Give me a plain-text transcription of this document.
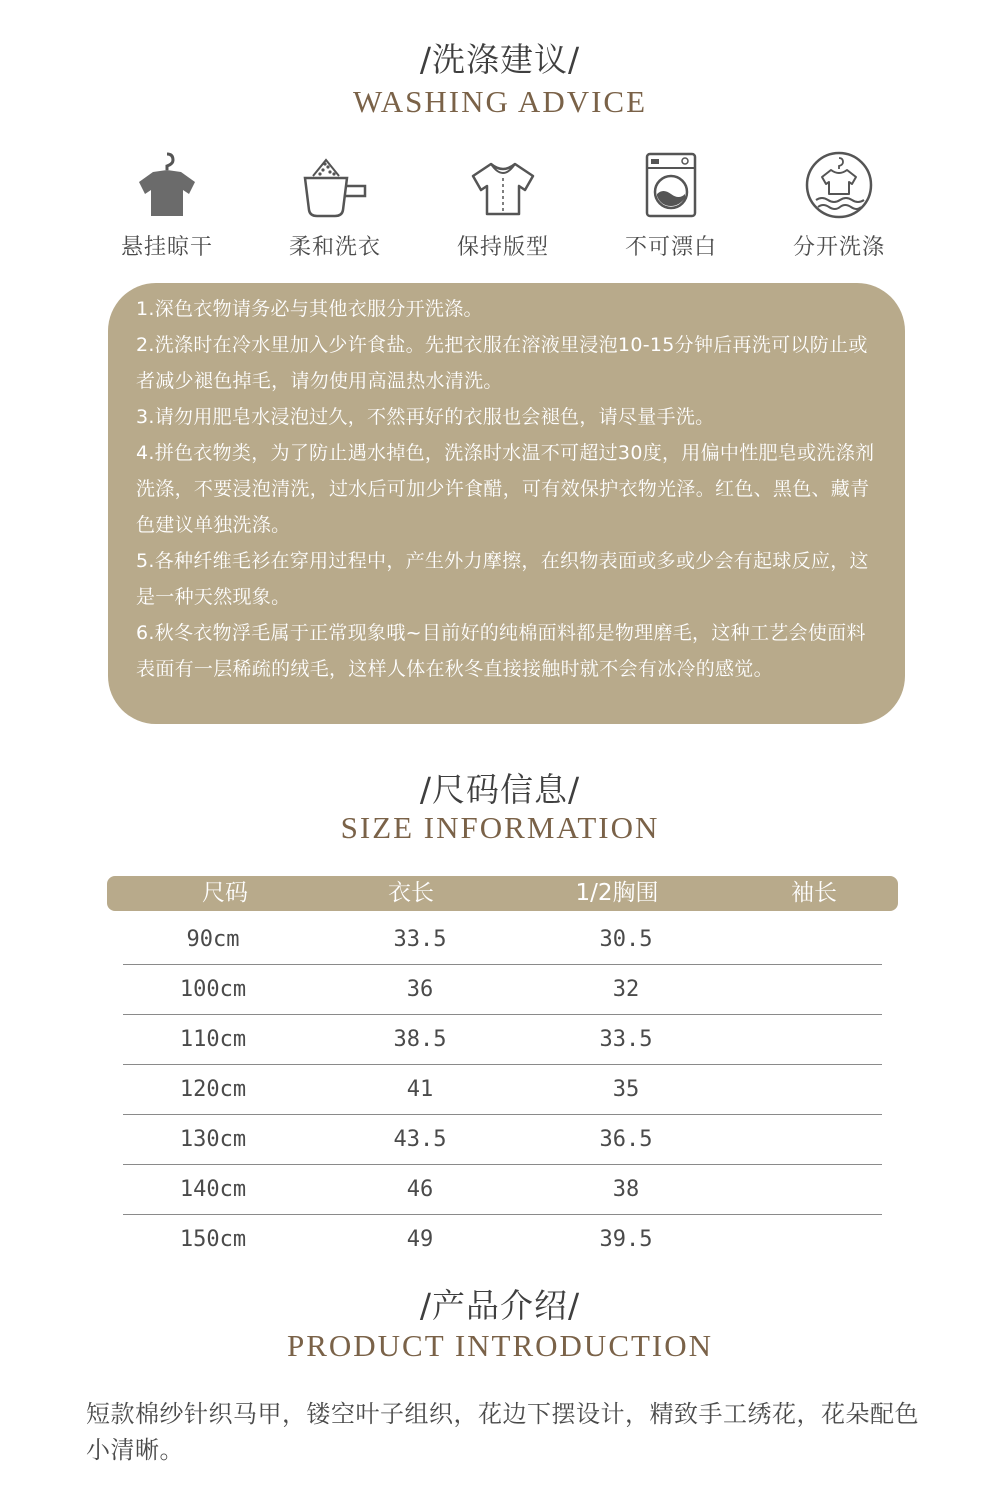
/洗涤建议/
WASHING ADVICE
悬挂晾干	柔和洗衣	保持版型	不可漂白	分开洗涤

1.深色衣物请务必与其他衣服分开洗涤。

2.洗涤时在冷水里加入少许食盐。先把衣服在溶液里浸泡10-15分钟后再洗可以防止或者减少褪色掉毛，请勿使用高温热水清洗。

3.请勿用肥皂水浸泡过久，不然再好的衣服也会褪色，请尽量手洗。

4.拼色衣物类，为了防止遇水掉色，洗涤时水温不可超过30度，用偏中性肥皂或洗涤剂洗涤，不要浸泡清洗，过水后可加少许食醋，可有效保护衣物光泽。红色、黑色、藏青色建议单独洗涤。

5.各种纤维毛衫在穿用过程中，产生外力摩擦，在织物表面或多或少会有起球反应，这是一种天然现象。

6.秋冬衣物浮毛属于正常现象哦~目前好的纯棉面料都是物理磨毛，这种工艺会使面料表面有一层稀疏的绒毛，这样人体在秋冬直接接触时就不会有冰冷的感觉。

/尺码信息/
SIZE INFORMATION
尺码	衣长	1/2胸围	袖长
90cm	33.5	30.5
100cm	36	32
110cm	38.5	33.5
120cm	41	35
130cm	43.5	36.5
140cm	46	38
150cm	49	39.5
/产品介绍/
PRODUCT INTRODUCTION

短款棉纱针织马甲，镂空叶子组织，花边下摆设计，精致手工绣花，花朵配色小清晰。
